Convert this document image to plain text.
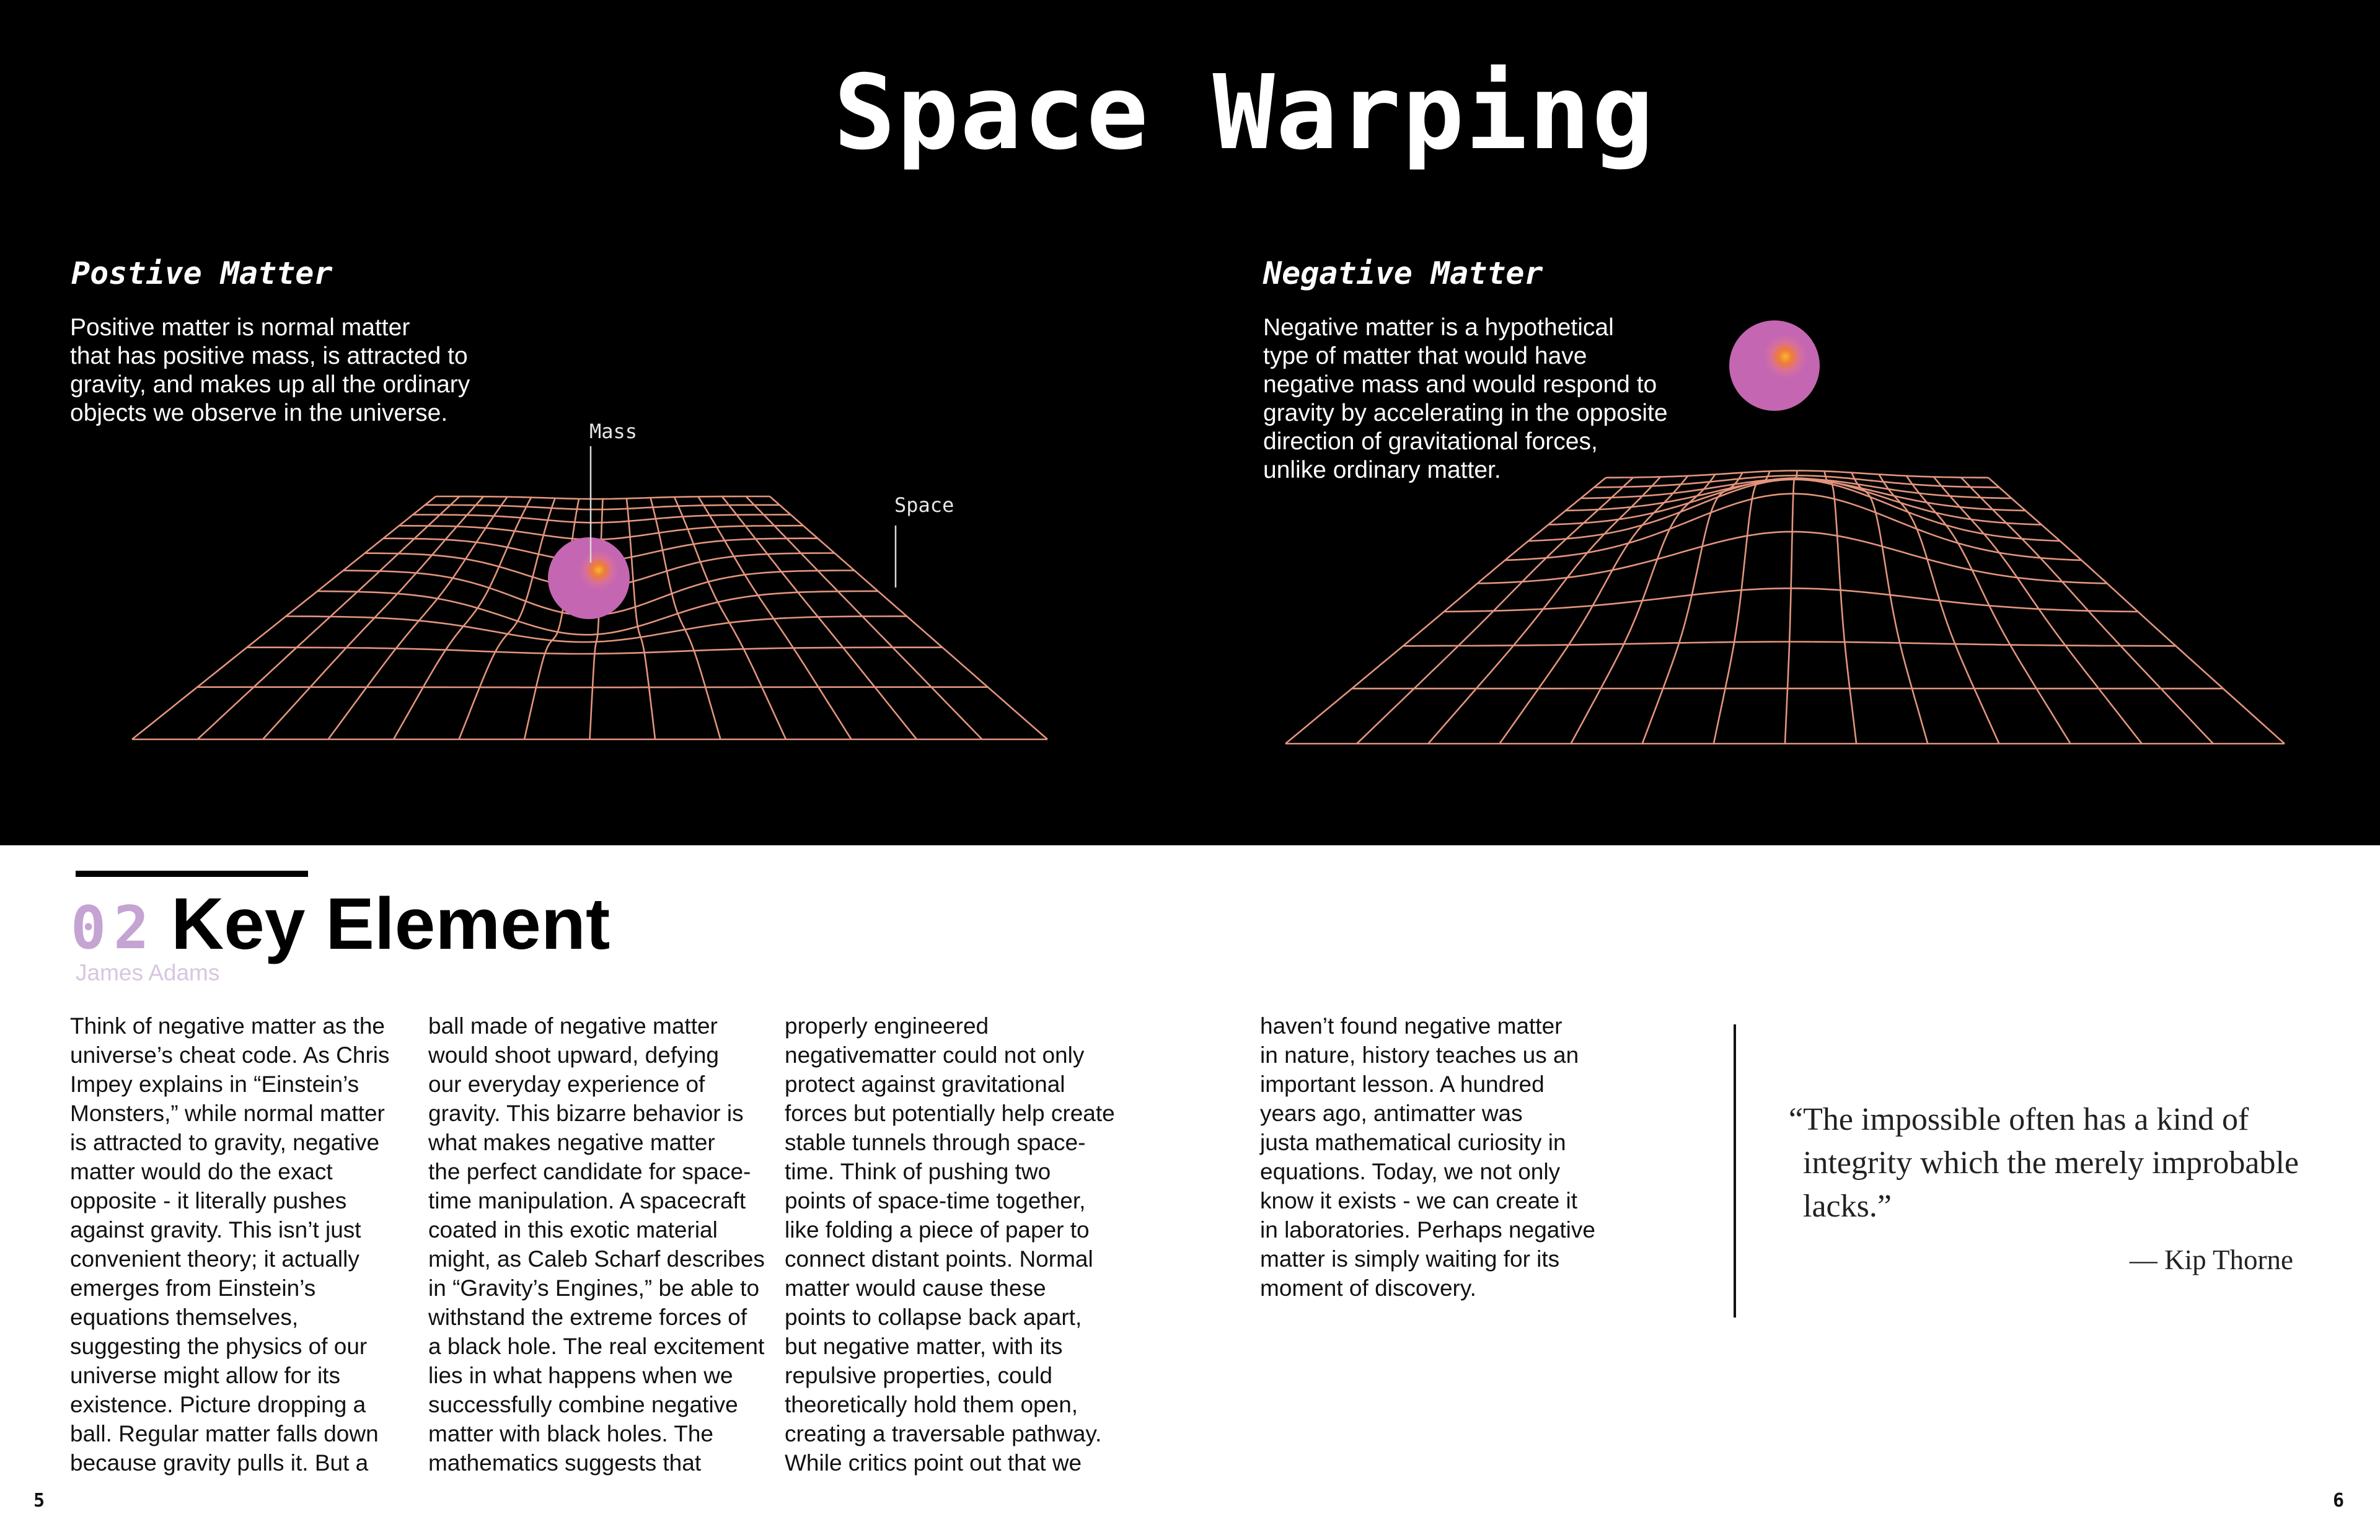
Space Warping
Postive Matter

Positive matter is normal matter
that has positive mass, is attracted to
gravity, and makes up all the ordinary
objects we observe in the universe.

Mass
Space
Negative Matter

Negative matter is a hypothetical
type of matter that would have
negative mass and would respond to
gravity by accelerating in the opposite
direction of gravitational forces,
unlike ordinary matter.

02 Key Element
James Adams
Think of negative matter as the
universe’s cheat code. As Chris
Impey explains in “Einstein’s
Monsters,” while normal matter
is attracted to gravity, negative
matter would do the exact
opposite - it literally pushes
against gravity. This isn’t just
convenient theory; it actually
emerges from Einstein’s
equations themselves,
suggesting the physics of our
universe might allow for its
existence. Picture dropping a
ball. Regular matter falls down
because gravity pulls it. But a
ball made of negative matter
would shoot upward, defying
our everyday experience of
gravity. This bizarre behavior is
what makes negative matter
the perfect candidate for space-
time manipulation. A spacecraft
coated in this exotic material
might, as Caleb Scharf describes
in “Gravity’s Engines,” be able to
withstand the extreme forces of
a black hole. The real excitement
lies in what happens when we
successfully combine negative
matter with black holes. The
mathematics suggests that
properly engineered
negativematter could not only
protect against gravitational
forces but potentially help create
stable tunnels through space-
time. Think of pushing two
points of space-time together,
like folding a piece of paper to
connect distant points. Normal
matter would cause these
points to collapse back apart,
but negative matter, with its
repulsive properties, could
theoretically hold them open,
creating a traversable pathway.
While critics point out that we
haven’t found negative matter
in nature, history teaches us an
important lesson. A hundred
years ago, antimatter was
justa mathematical curiosity in
equations. Today, we not only
know it exists - we can create it
in laboratories. Perhaps negative
matter is simply waiting for its
moment of discovery.
“The impossible often has a kind of
integrity which the merely improbable
lacks.”
— Kip Thorne
5	6
